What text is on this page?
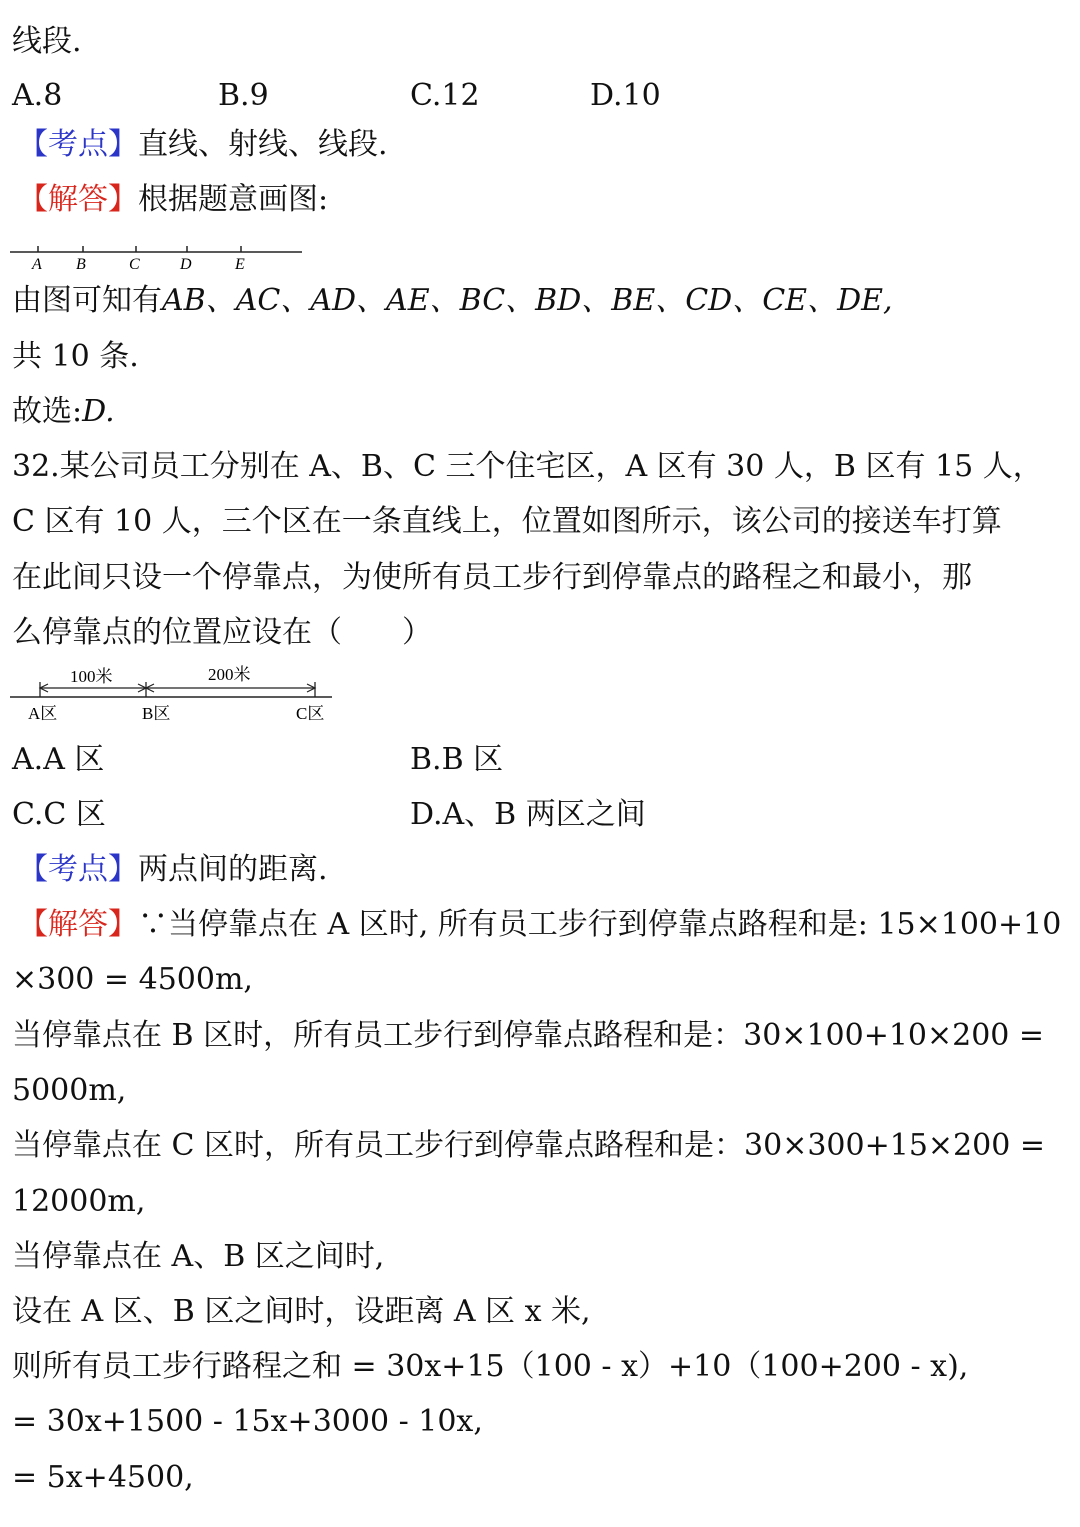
线段.
A.8	B.9	C.12	D.10
【考点】直线、射线、线段.
【解答】根据题意画图:
A B	C	D	E
由图可知有AB、AC、AD、AE、BC、BD、BE、CD、CE、DE,
共 10 条.
故选:D.
32.某公司员工分别在 A、B、C 三个住宅区，A 区有 30 人，B 区有 15 人，
C 区有 10 人，三个区在一条直线上，位置如图所示，该公司的接送车打算
在此间只设一个停靠点，为使所有员工步行到停靠点的路程之和最小，那
么停靠点的位置应设在（　　）
100米	200米
A区	B区	C区
A.A 区	B.B 区
C.C 区	D.A、B 两区之间
【考点】两点间的距离.
【解答】∵当停靠点在 A 区时, 所有员工步行到停靠点路程和是: 15×100+10
×300 = 4500m,
当停靠点在 B 区时，所有员工步行到停靠点路程和是：30×100+10×200 =
5000m,
当停靠点在 C 区时，所有员工步行到停靠点路程和是：30×300+15×200 =
12000m,
当停靠点在 A、B 区之间时,
设在 A 区、B 区之间时，设距离 A 区 x 米,
则所有员工步行路程之和 = 30x+15（100 - x）+10（100+200 - x),
= 30x+1500 - 15x+3000 - 10x,
= 5x+4500,
